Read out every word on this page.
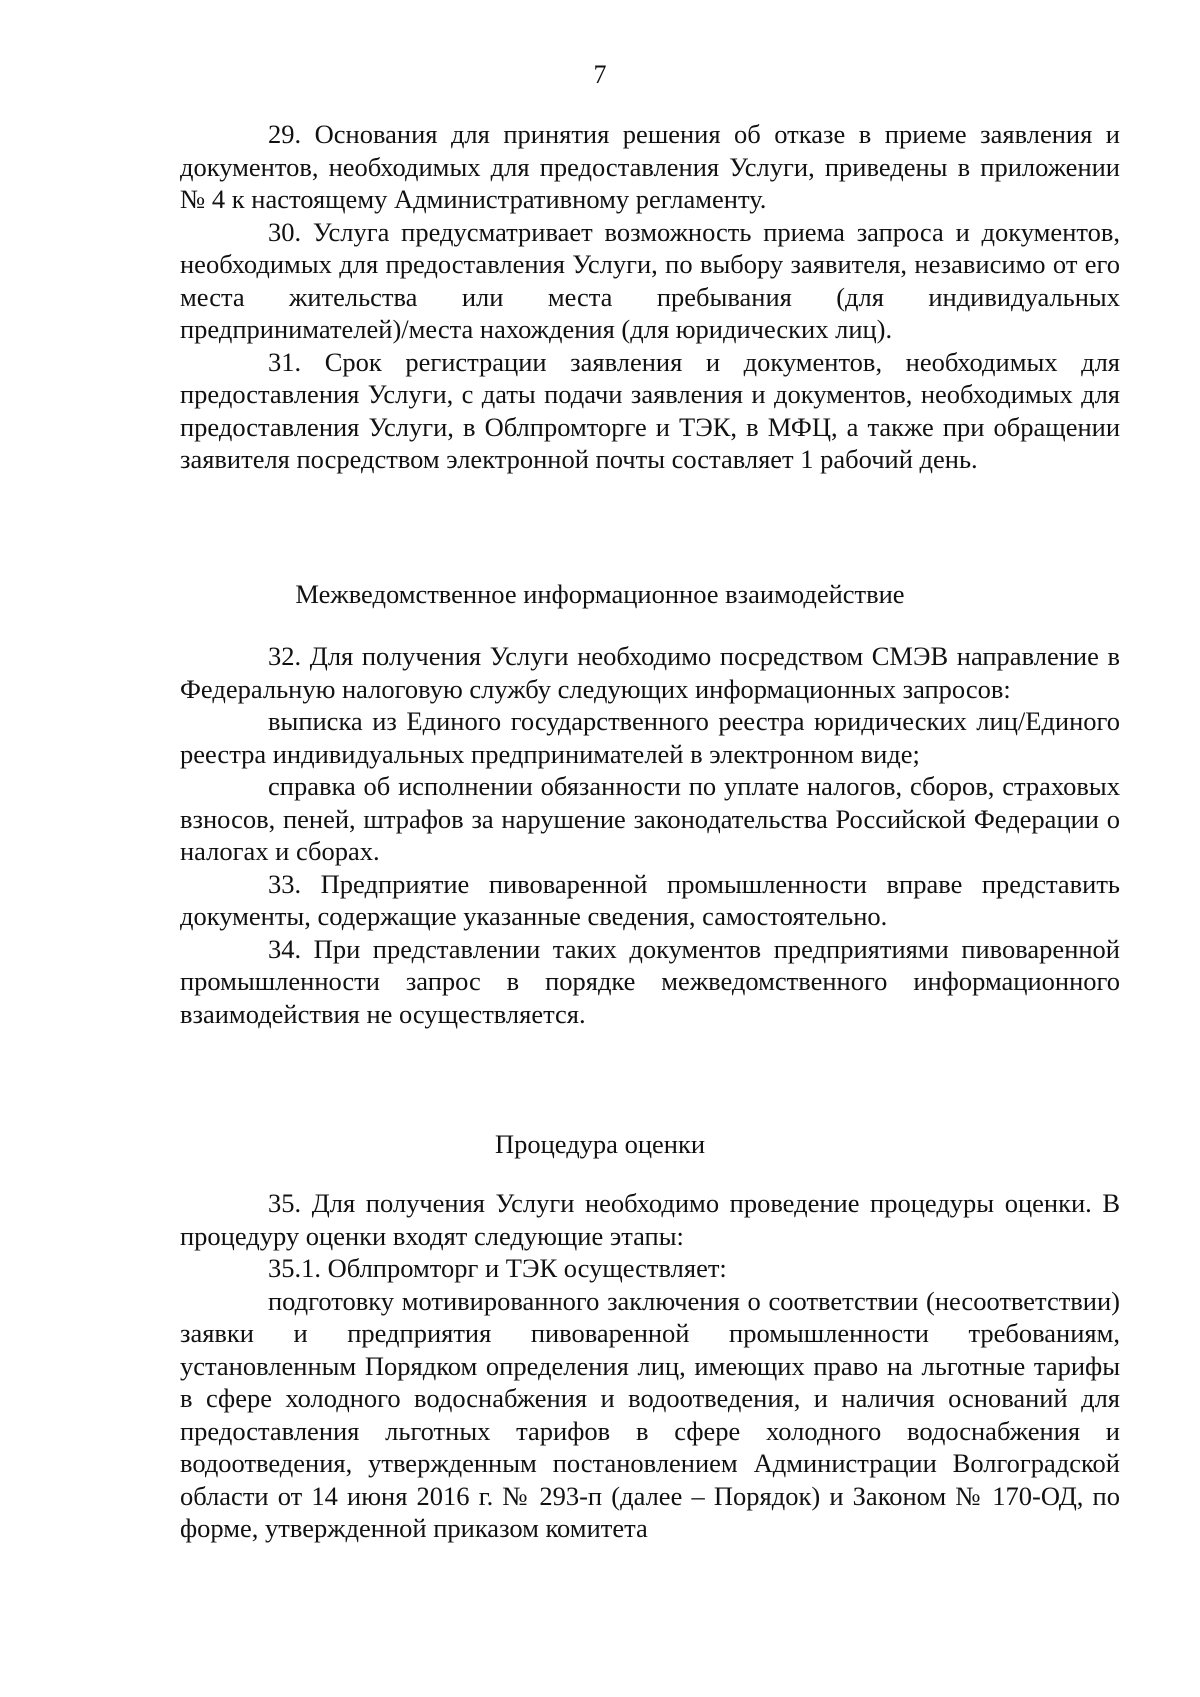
7

29. Основания для принятия решения об отказе в приеме заявления и документов, необходимых для предоставления Услуги, приведены в приложении № 4 к настоящему Административному регламенту.

30. Услуга предусматривает возможность приема запроса и документов, необходимых для предоставления Услуги, по выбору заявителя, независимо от его места жительства или места пребывания (для индивидуальных предпринимателей)/места нахождения (для юридических лиц).

31. Срок регистрации заявления и документов, необходимых для предоставления Услуги, с даты подачи заявления и документов, необходимых для предоставления Услуги, в Облпромторге и ТЭК, в МФЦ, а также при обращении заявителя посредством электронной почты составляет 1 рабочий день.

Межведомственное информационное взаимодействие

32. Для получения Услуги необходимо посредством СМЭВ направление в Федеральную налоговую службу следующих информационных запросов:

выписка из Единого государственного реестра юридических лиц/Единого реестра индивидуальных предпринимателей в электронном виде;

справка об исполнении обязанности по уплате налогов, сборов, страховых взносов, пеней, штрафов за нарушение законодательства Российской Федерации о налогах и сборах.

33. Предприятие пивоваренной промышленности вправе представить документы, содержащие указанные сведения, самостоятельно.

34. При представлении таких документов предприятиями пивоваренной промышленности запрос в порядке межведомственного информационного взаимодействия не осуществляется.

Процедура оценки

35. Для получения Услуги необходимо проведение процедуры оценки. В процедуру оценки входят следующие этапы:

35.1. Облпромторг и ТЭК осуществляет:

подготовку мотивированного заключения о соответствии (несоответствии) заявки и предприятия пивоваренной промышленности требованиям, установленным Порядком определения лиц, имеющих право на льготные тарифы в сфере холодного водоснабжения и водоотведения, и наличия оснований для предоставления льготных тарифов в сфере холодного водоснабжения и водоотведения, утвержденным постановлением Администрации Волгоградской области от 14 июня 2016 г. № 293-п (далее – Порядок) и Законом № 170-ОД, по форме, утвержденной приказом комитета
